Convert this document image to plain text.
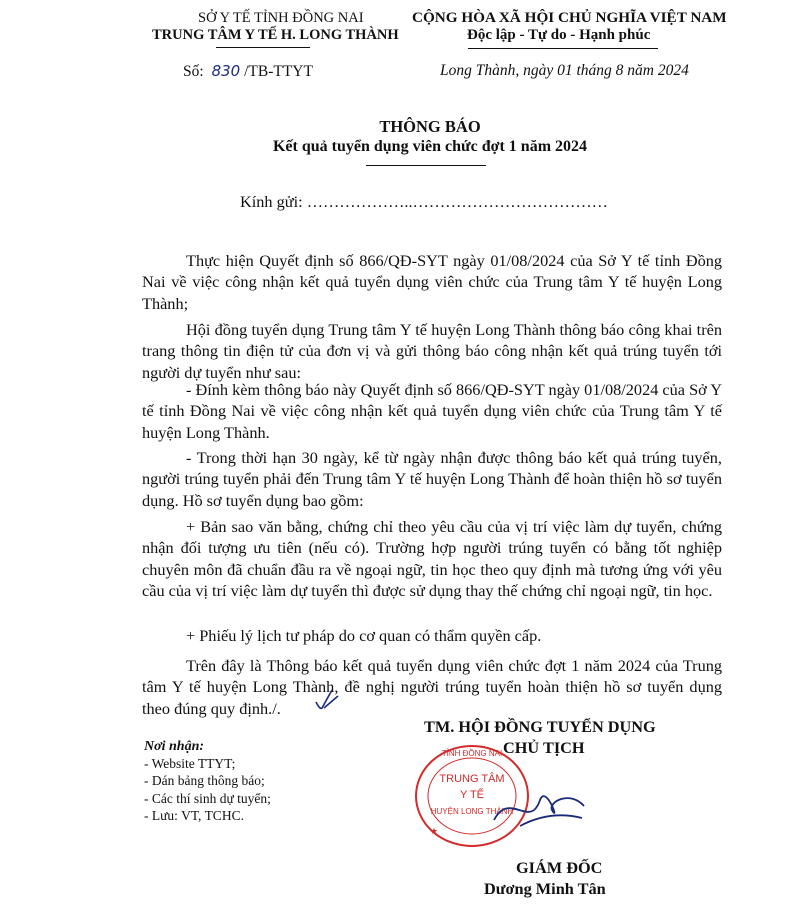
SỞ Y TẾ TỈNH ĐỒNG NAI
TRUNG TÂM Y TẾ H. LONG THÀNH
CỘNG HÒA XÃ HỘI CHỦ NGHĨA VIỆT NAM
Độc lập - Tự do - Hạnh phúc
Số: 830 /TB-TTYT	Long Thành, ngày 01 tháng 8 năm 2024
THÔNG BÁO
Kết quả tuyển dụng viên chức đợt 1 năm 2024
Kính gửi: ………………..………………………………
Thực hiện Quyết định số 866/QĐ-SYT ngày 01/08/2024 của Sở Y tế tỉnh Đồng Nai về việc công nhận kết quả tuyển dụng viên chức của Trung tâm Y tế huyện Long Thành;
Hội đồng tuyển dụng Trung tâm Y tế huyện Long Thành thông báo công khai trên trang thông tin điện tử của đơn vị và gửi thông báo công nhận kết quả trúng tuyển tới người dự tuyển như sau:
- Đính kèm thông báo này Quyết định số 866/QĐ-SYT ngày 01/08/2024 của Sở Y tế tỉnh Đồng Nai về việc công nhận kết quả tuyển dụng viên chức của Trung tâm Y tế huyện Long Thành.
- Trong thời hạn 30 ngày, kể từ ngày nhận được thông báo kết quả trúng tuyển, người trúng tuyển phải đến Trung tâm Y tế huyện Long Thành để hoàn thiện hồ sơ tuyển dụng. Hồ sơ tuyển dụng bao gồm:
+ Bản sao văn bằng, chứng chỉ theo yêu cầu của vị trí việc làm dự tuyển, chứng nhận đối tượng ưu tiên (nếu có). Trường hợp người trúng tuyển có bằng tốt nghiệp chuyên môn đã chuẩn đầu ra về ngoại ngữ, tin học theo quy định mà tương ứng với yêu cầu của vị trí việc làm dự tuyển thì được sử dụng thay thế chứng chỉ ngoại ngữ, tin học.
+ Phiếu lý lịch tư pháp do cơ quan có thẩm quyền cấp.
Trên đây là Thông báo kết quả tuyển dụng viên chức đợt 1 năm 2024 của Trung tâm Y tế huyện Long Thành, đề nghị người trúng tuyển hoàn thiện hồ sơ tuyển dụng theo đúng quy định./.
Nơi nhận:
- Website TTYT;
- Dán bảng thông báo;
- Các thí sinh dự tuyển;
- Lưu: VT, TCHC.
TM. HỘI ĐỒNG TUYỂN DỤNG
CHỦ TỊCH
TỈNH ĐỒNG NAI
TRUNG TÂM
Y TẾ
HUYỆN LONG THÀNH
★
GIÁM ĐỐC
Dương Minh Tân
